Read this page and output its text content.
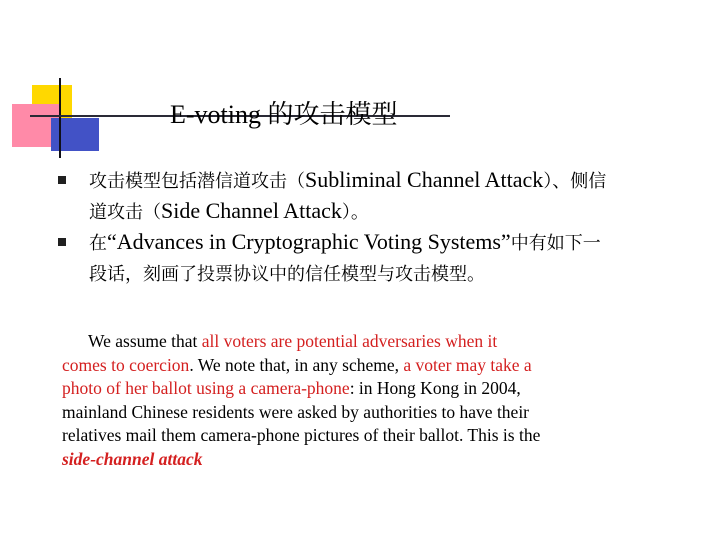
E-voting 的攻击模型
攻击模型包括潜信道攻击（Subliminal Channel Attack）、侧信道攻击（Side Channel Attack）。
在“Advances in Cryptographic Voting Systems”中有如下一段话，刻画了投票协议中的信任模型与攻击模型。
We assume that all voters are potential adversaries when it
comes to coercion. We note that, in any scheme, a voter may take a
photo of her ballot using a camera-phone: in Hong Kong in 2004,
mainland Chinese residents were asked by authorities to have their
relatives mail them camera-phone pictures of their ballot. This is the
side-channel attack
